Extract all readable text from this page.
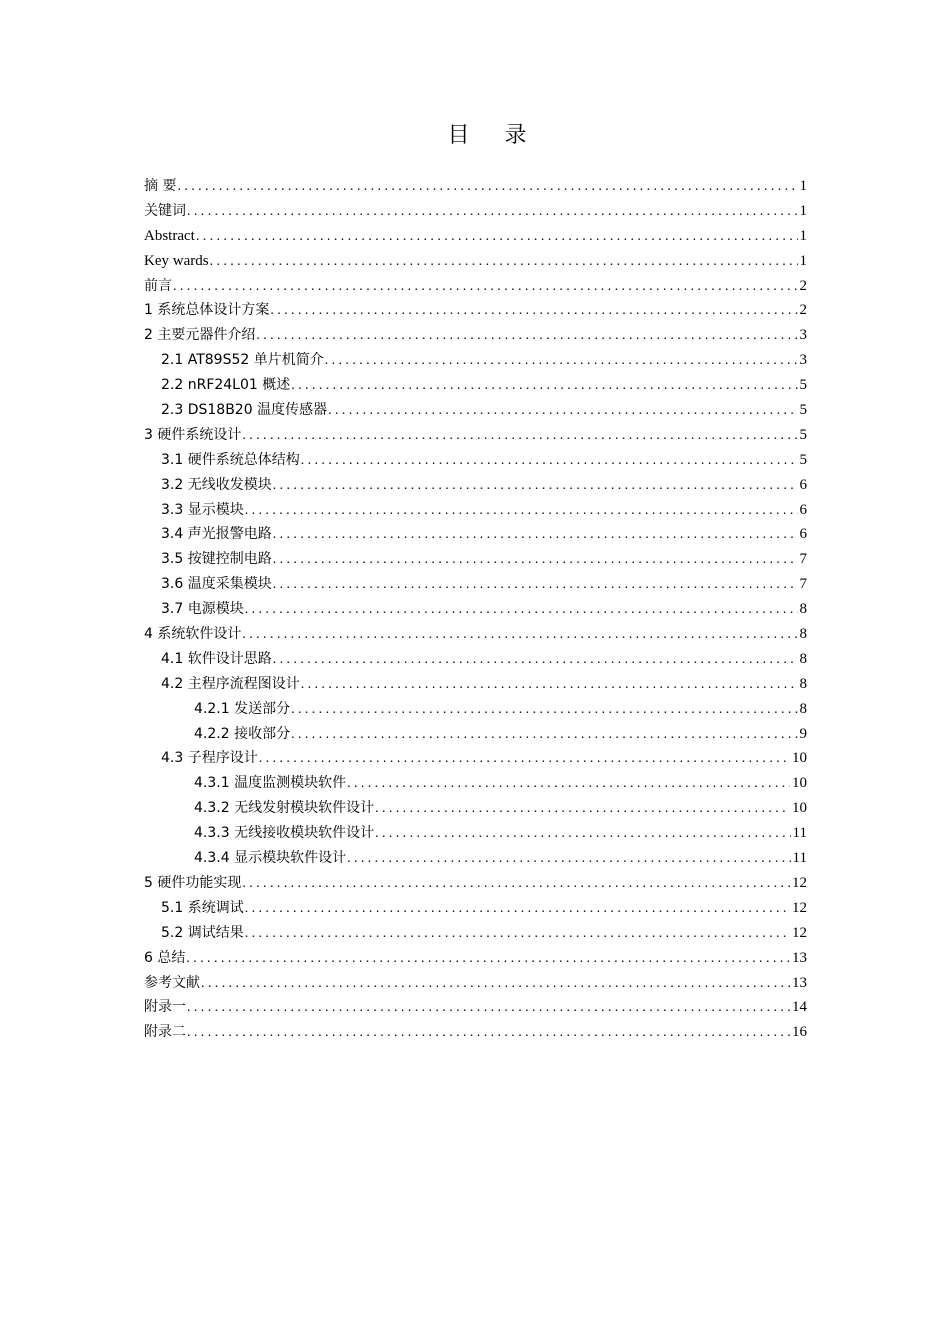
目 录
摘 要 .....	1
关键词 .....	1
Abstract .....	1
Key wards .....	1
前言 .....	2
1 系统总体设计方案 .....	2
2 主要元器件介绍 .....	3
2.1 AT89S52 单片机简介 .....	3
2.2 nRF24L01 概述 .....	5
2.3 DS18B20 温度传感器 .....	5
3 硬件系统设计 .....	5
3.1 硬件系统总体结构 .....	5
3.2 无线收发模块 .....	6
3.3 显示模块 .....	6
3.4 声光报警电路 .....	6
3.5 按键控制电路 .....	7
3.6 温度采集模块 .....	7
3.7 电源模块 .....	8
4 系统软件设计 .....	8
4.1 软件设计思路 .....	8
4.2 主程序流程图设计 .....	8
4.2.1 发送部分 .....	8
4.2.2 接收部分 .....	9
4.3 子程序设计 .....	10
4.3.1 温度监测模块软件 .....	10
4.3.2 无线发射模块软件设计 .....	10
4.3.3 无线接收模块软件设计 .....	11
4.3.4 显示模块软件设计 .....	11
5 硬件功能实现 .....	12
5.1 系统调试 .....	12
5.2 调试结果 .....	12
6 总结 .....	13
参考文献 .....	13
附录一 .....	14
附录二 .....	16
